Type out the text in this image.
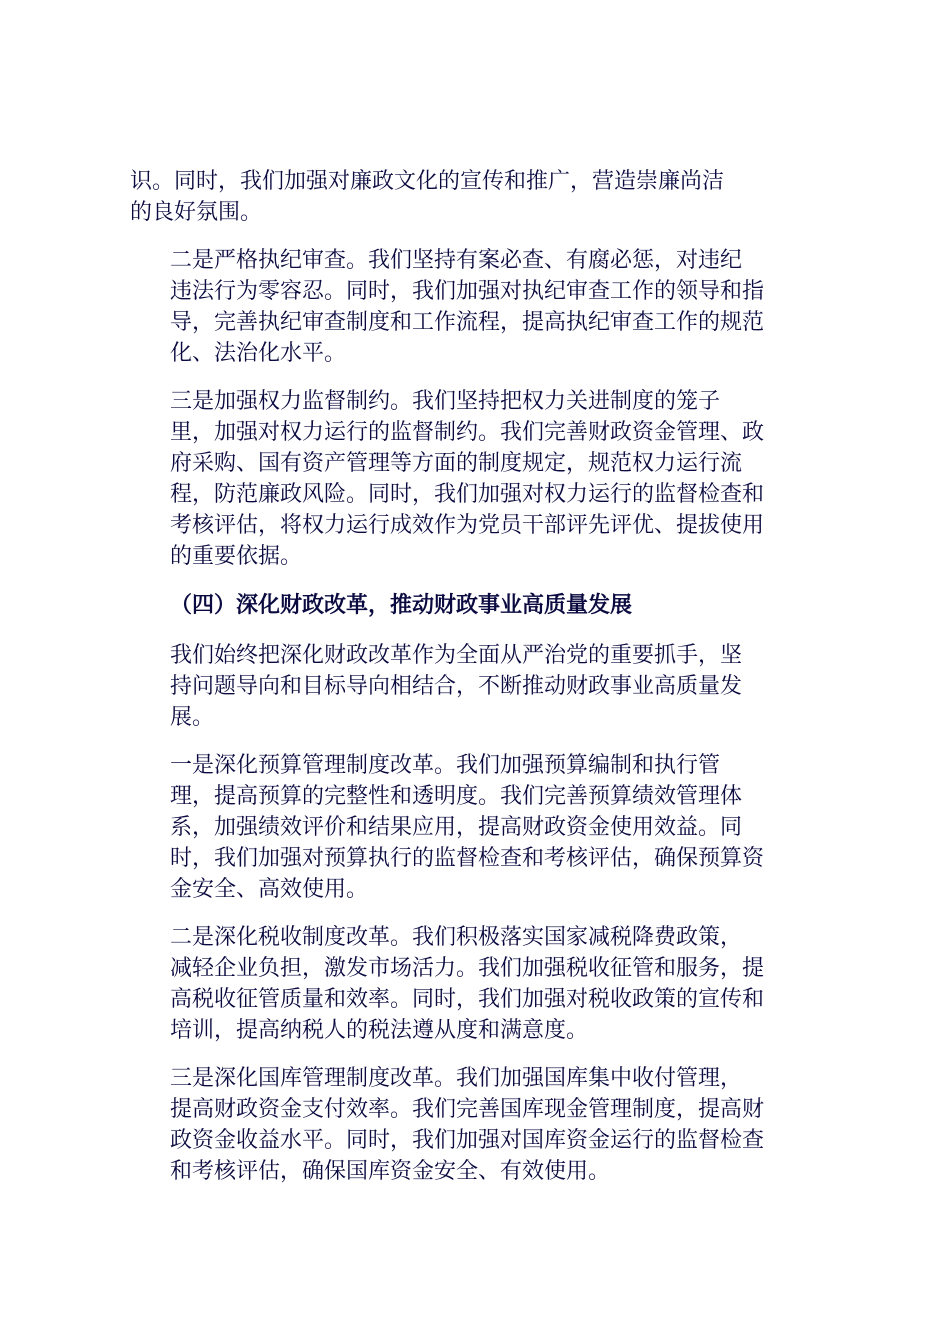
识。同时，我们加强对廉政文化的宣传和推广，营造崇廉尚洁
的良好氛围。

二是严格执纪审查。我们坚持有案必查、有腐必惩，对违纪
违法行为零容忍。同时，我们加强对执纪审查工作的领导和指
导，完善执纪审查制度和工作流程，提高执纪审查工作的规范
化、法治化水平。

三是加强权力监督制约。我们坚持把权力关进制度的笼子
里，加强对权力运行的监督制约。我们完善财政资金管理、政
府采购、国有资产管理等方面的制度规定，规范权力运行流
程，防范廉政风险。同时，我们加强对权力运行的监督检查和
考核评估，将权力运行成效作为党员干部评先评优、提拔使用
的重要依据。

（四）深化财政改革，推动财政事业高质量发展

我们始终把深化财政改革作为全面从严治党的重要抓手，坚
持问题导向和目标导向相结合，不断推动财政事业高质量发
展。

一是深化预算管理制度改革。我们加强预算编制和执行管
理，提高预算的完整性和透明度。我们完善预算绩效管理体
系，加强绩效评价和结果应用，提高财政资金使用效益。同
时，我们加强对预算执行的监督检查和考核评估，确保预算资
金安全、高效使用。

二是深化税收制度改革。我们积极落实国家减税降费政策，
减轻企业负担，激发市场活力。我们加强税收征管和服务，提
高税收征管质量和效率。同时，我们加强对税收政策的宣传和
培训，提高纳税人的税法遵从度和满意度。

三是深化国库管理制度改革。我们加强国库集中收付管理，
提高财政资金支付效率。我们完善国库现金管理制度，提高财
政资金收益水平。同时，我们加强对国库资金运行的监督检查
和考核评估，确保国库资金安全、有效使用。
